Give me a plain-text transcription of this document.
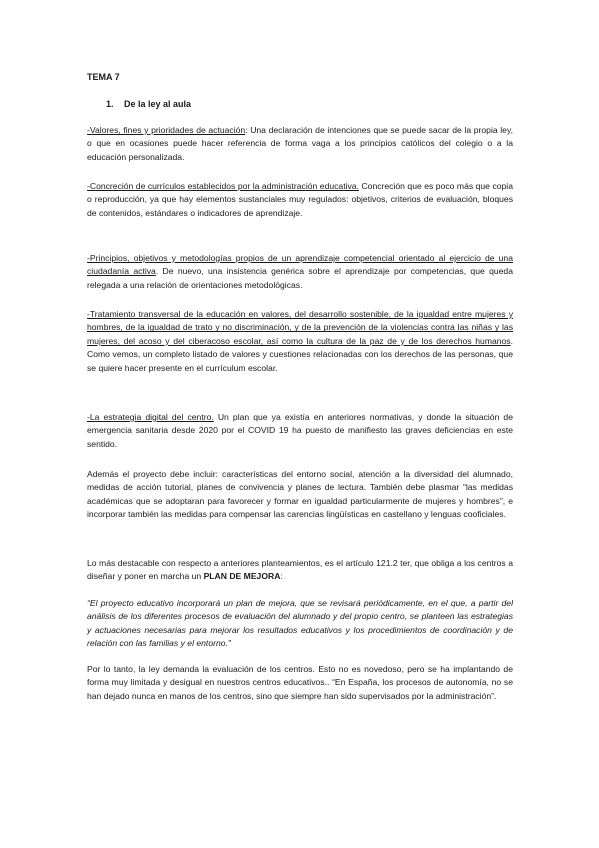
TEMA 7
1. De la ley al aula

-Valores, fines y prioridades de actuación: Una declaración de intenciones que se puede sacar de la propia ley, o que en ocasiones puede hacer referencia de forma vaga a los principios católicos del colegio o a la educación personalizada.

-Concreción de currículos establecidos por la administración educativa. Concreción que es poco más que copia o reproducción, ya que hay elementos sustanciales muy regulados: objetivos, criterios de evaluación, bloques de contenidos, estándares o indicadores de aprendizaje.

-Principios, objetivos y metodologías propios de un aprendizaje competencial orientado al ejercicio de una ciudadanía activa. De nuevo, una insistencia genérica sobre el aprendizaje por competencias, que queda relegada a una relación de orientaciones metodológicas.

-Tratamiento transversal de la educación en valores, del desarrollo sostenible, de la igualdad entre mujeres y hombres, de la igualdad de trato y no discriminación, y de la prevención de la violencias contra las niñas y las mujeres, del acoso y del ciberacoso escolar, así como la cultura de la paz de y de los derechos humanos. Como vemos, un completo listado de valores y cuestiones relacionadas con los derechos de las personas, que se quiere hacer presente en el currículum escolar.

-La estrategia digital del centro. Un plan que ya existía en anteriores normativas, y donde la situación de emergencia sanitaria desde 2020 por el COVID 19 ha puesto de manifiesto las graves deficiencias en este sentido.

Además el proyecto debe incluir: características del entorno social, atención a la diversidad del alumnado, medidas de acción tutorial, planes de convivencia y planes de lectura. También debe plasmar “las medidas académicas que se adoptaran para favorecer y formar en igualdad particularmente de mujeres y hombres”, e incorporar también las medidas para compensar las carencias lingüísticas en castellano y lenguas cooficiales.

Lo más destacable con respecto a anteriores planteamientos, es el artículo 121.2 ter, que obliga a los centros a diseñar y poner en marcha un PLAN DE MEJORA:

“El proyecto educativo incorporará un plan de mejora, que se revisará periódicamente, en el que, a partir del análisis de los diferentes procesos de evaluación del alumnado y del propio centro, se planteen las estrategias y actuaciones necesarias para mejorar los resultados educativos y los procedimientos de coordinación y de relación con las familias y el entorno.”

Por lo tanto, la ley demanda la evaluación de los centros. Esto no es novedoso, pero se ha implantando de forma muy limitada y desigual en nuestros centros educativos.. “En España, los procesos de autonomía, no se han dejado nunca en manos de los centros, sino que siempre han sido supervisados por la administración”.
